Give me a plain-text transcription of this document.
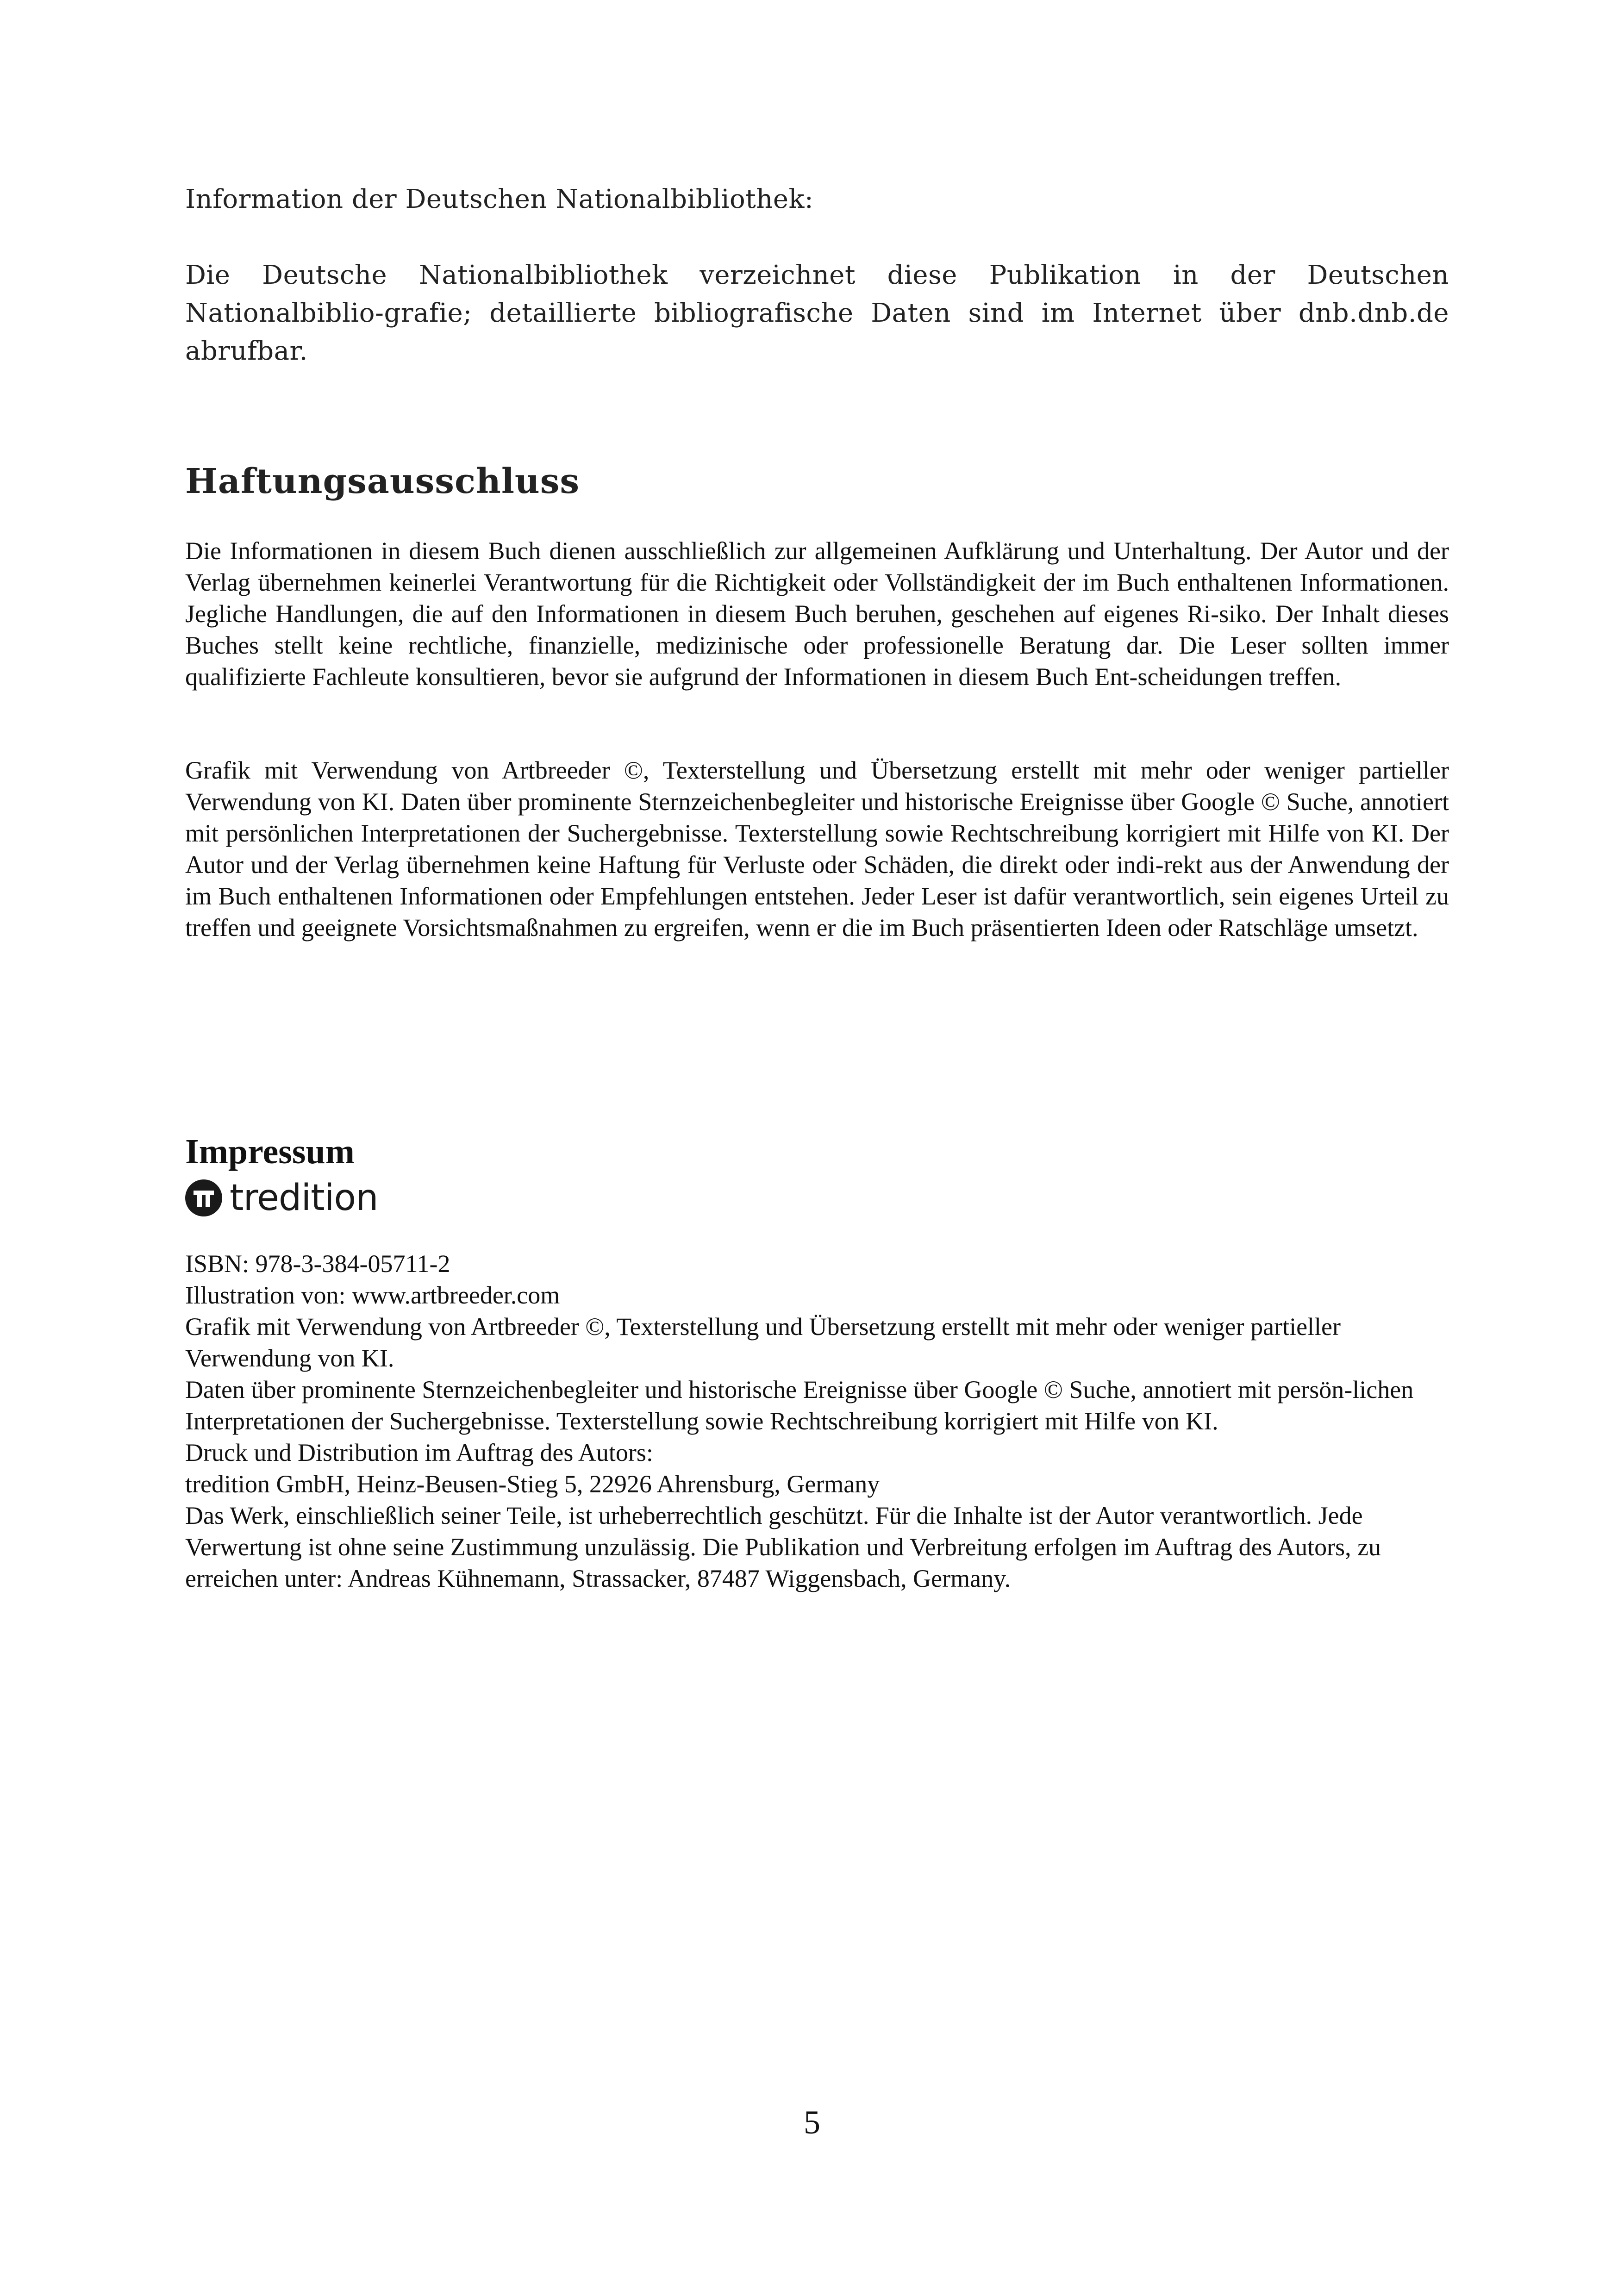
Information der Deutschen Nationalbibliothek:

Die Deutsche Nationalbibliothek verzeichnet diese Publikation in der Deutschen Nationalbiblio-grafie; detaillierte bibliografische Daten sind im Internet über dnb.dnb.de abrufbar.

Haftungsausschluss

Die Informationen in diesem Buch dienen ausschließlich zur allgemeinen Aufklärung und Unterhaltung. Der Autor und der Verlag übernehmen keinerlei Verantwortung für die Richtigkeit oder Vollständigkeit der im Buch enthaltenen Informationen. Jegliche Handlungen, die auf den Informationen in diesem Buch beruhen, geschehen auf eigenes Ri-siko. Der Inhalt dieses Buches stellt keine rechtliche, finanzielle, medizinische oder professionelle Beratung dar. Die Leser sollten immer qualifizierte Fachleute konsultieren, bevor sie aufgrund der Informationen in diesem Buch Ent-scheidungen treffen.

Grafik mit Verwendung von Artbreeder ©, Texterstellung und Übersetzung erstellt mit mehr oder weniger partieller Verwendung von KI. Daten über prominente Sternzeichenbegleiter und historische Ereignisse über Google © Suche, annotiert mit persönlichen Interpretationen der Suchergebnisse. Texterstellung sowie Rechtschreibung korrigiert mit Hilfe von KI. Der Autor und der Verlag übernehmen keine Haftung für Verluste oder Schäden, die direkt oder indi-rekt aus der Anwendung der im Buch enthaltenen Informationen oder Empfehlungen entstehen. Jeder Leser ist dafür verantwortlich, sein eigenes Urteil zu treffen und geeignete Vorsichtsmaßnahmen zu ergreifen, wenn er die im Buch präsentierten Ideen oder Ratschläge umsetzt.

Impressum
tredition
ISBN: 978-3-384-05711-2
Illustration von: www.artbreeder.com
Grafik mit Verwendung von Artbreeder ©, Texterstellung und Übersetzung erstellt mit mehr oder weniger partieller Verwendung von KI.
Daten über prominente Sternzeichenbegleiter und historische Ereignisse über Google © Suche, annotiert mit persön-lichen Interpretationen der Suchergebnisse. Texterstellung sowie Rechtschreibung korrigiert mit Hilfe von KI.
Druck und Distribution im Auftrag des Autors:
tredition GmbH, Heinz-Beusen-Stieg 5, 22926 Ahrensburg, Germany
Das Werk, einschließlich seiner Teile, ist urheberrechtlich geschützt. Für die Inhalte ist der Autor verantwortlich. Jede Verwertung ist ohne seine Zustimmung unzulässig. Die Publikation und Verbreitung erfolgen im Auftrag des Autors, zu erreichen unter: Andreas Kühnemann, Strassacker, 87487 Wiggensbach, Germany.
5
